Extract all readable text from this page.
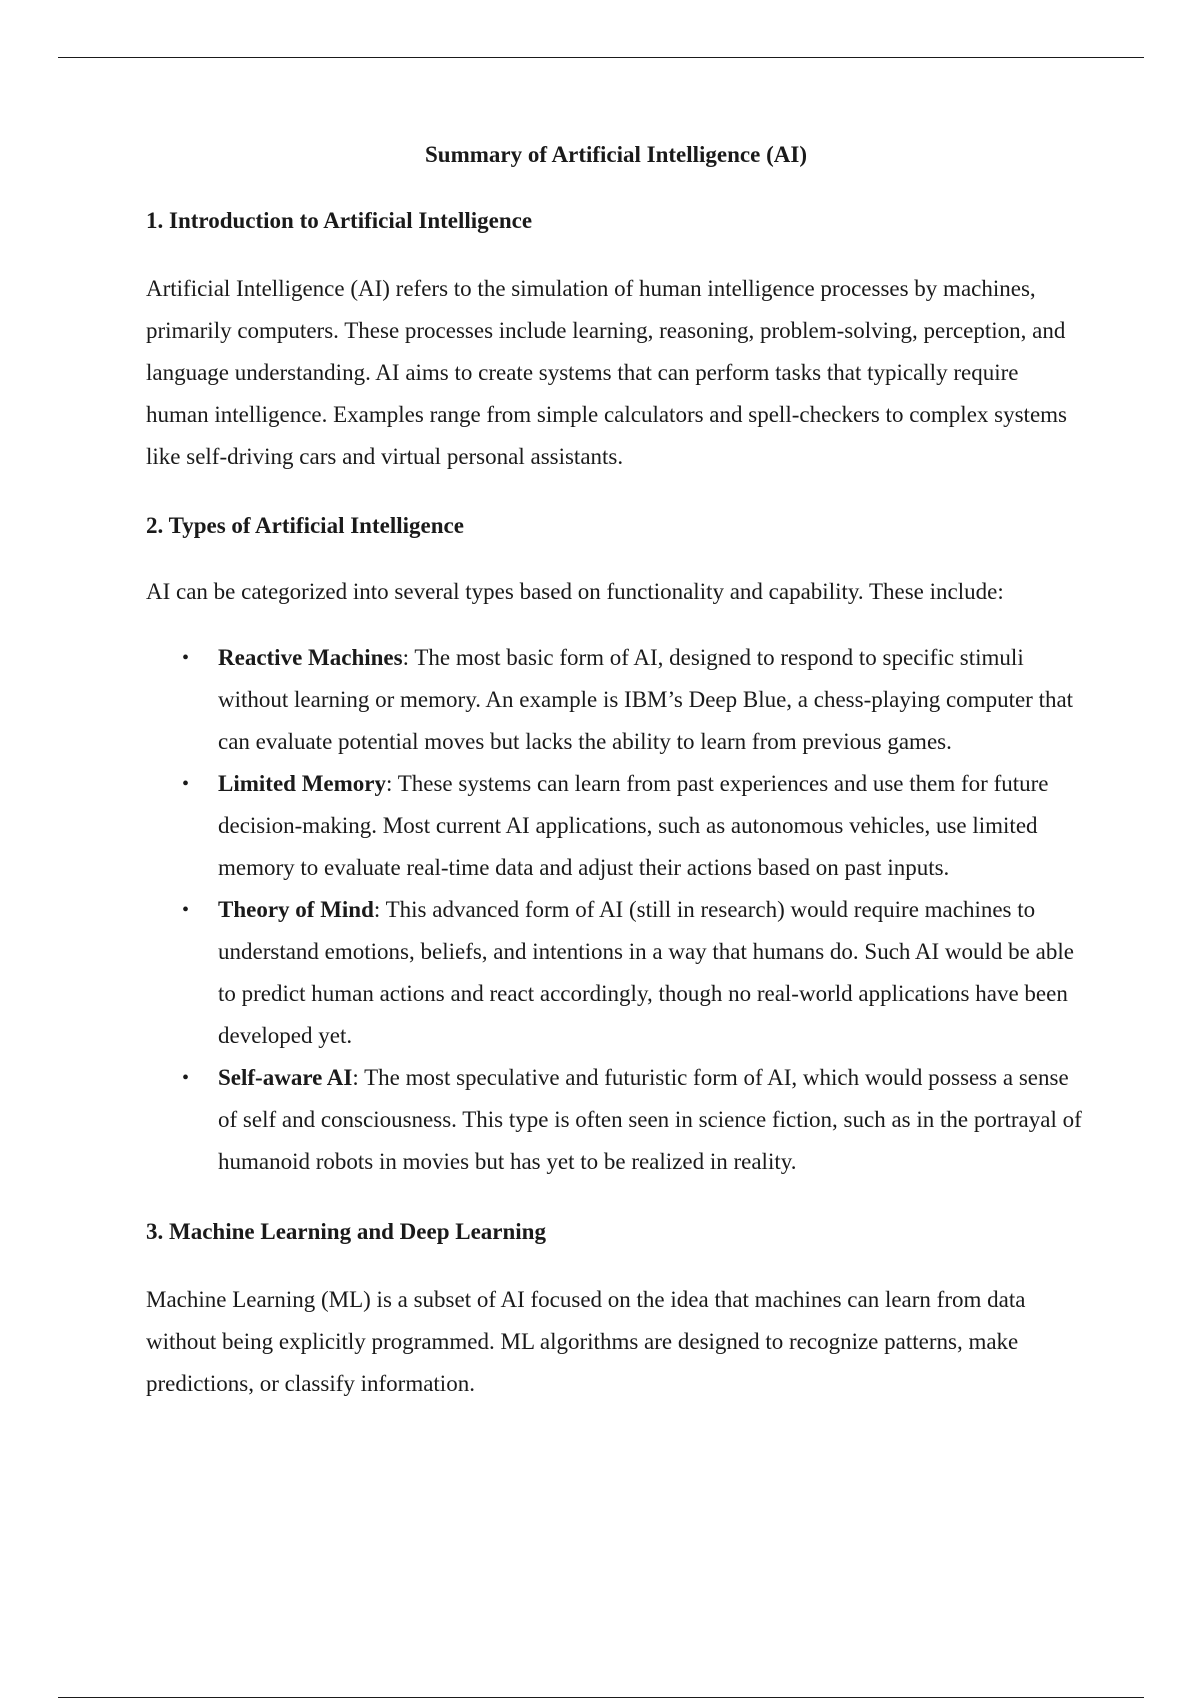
Summary of Artificial Intelligence (AI)
1. Introduction to Artificial Intelligence

Artificial Intelligence (AI) refers to the simulation of human intelligence processes by machines, primarily computers. These processes include learning, reasoning, problem-solving, perception, and language understanding. AI aims to create systems that can perform tasks that typically require human intelligence. Examples range from simple calculators and spell-checkers to complex systems like self-driving cars and virtual personal assistants.

2. Types of Artificial Intelligence

AI can be categorized into several types based on functionality and capability. These include:

• Reactive Machines: The most basic form of AI, designed to respond to specific stimuli without learning or memory. An example is IBM’s Deep Blue, a chess-playing computer that can evaluate potential moves but lacks the ability to learn from previous games.
• Limited Memory: These systems can learn from past experiences and use them for future decision-making. Most current AI applications, such as autonomous vehicles, use limited memory to evaluate real-time data and adjust their actions based on past inputs.
• Theory of Mind: This advanced form of AI (still in research) would require machines to understand emotions, beliefs, and intentions in a way that humans do. Such AI would be able to predict human actions and react accordingly, though no real-world applications have been developed yet.
• Self-aware AI: The most speculative and futuristic form of AI, which would possess a sense of self and consciousness. This type is often seen in science fiction, such as in the portrayal of humanoid robots in movies but has yet to be realized in reality.
3. Machine Learning and Deep Learning

Machine Learning (ML) is a subset of AI focused on the idea that machines can learn from data without being explicitly programmed. ML algorithms are designed to recognize patterns, make predictions, or classify information.
